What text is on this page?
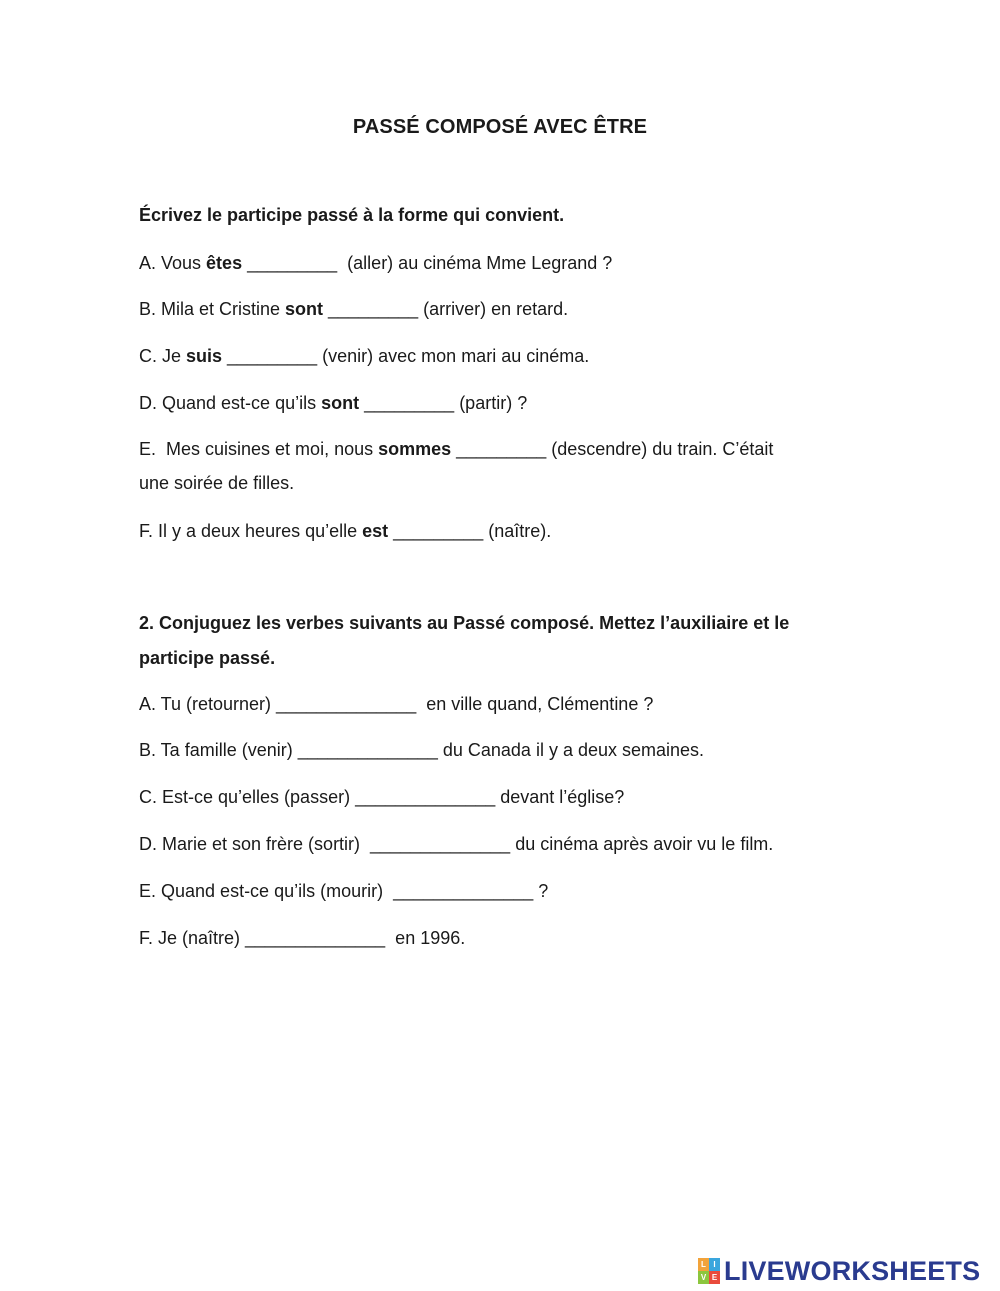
PASSÉ COMPOSÉ AVEC ÊTRE
Écrivez le participe passé à la forme qui convient.
A. Vous êtes _________  (aller) au cinéma Mme Legrand ?
B. Mila et Cristine sont _________ (arriver) en retard.
C. Je suis _________ (venir) avec mon mari au cinéma.
D. Quand est-ce qu’ils sont _________ (partir) ?
E.  Mes cuisines et moi, nous sommes _________ (descendre) du train. C’était
une soirée de filles.
F. Il y a deux heures qu’elle est _________ (naître).
2. Conjuguez les verbes suivants au Passé composé. Mettez l’auxiliaire et le
participe passé.
A. Tu (retourner) ______________  en ville quand, Clémentine ?
B. Ta famille (venir) ______________ du Canada il y a deux semaines.
C. Est-ce qu’elles (passer) ______________ devant l’église?
D. Marie et son frère (sortir)  ______________ du cinéma après avoir vu le film.
E. Quand est-ce qu’ils (mourir)  ______________ ?
F. Je (naître) ______________  en 1996.
L I
V E LIVEWORKSHEETS
